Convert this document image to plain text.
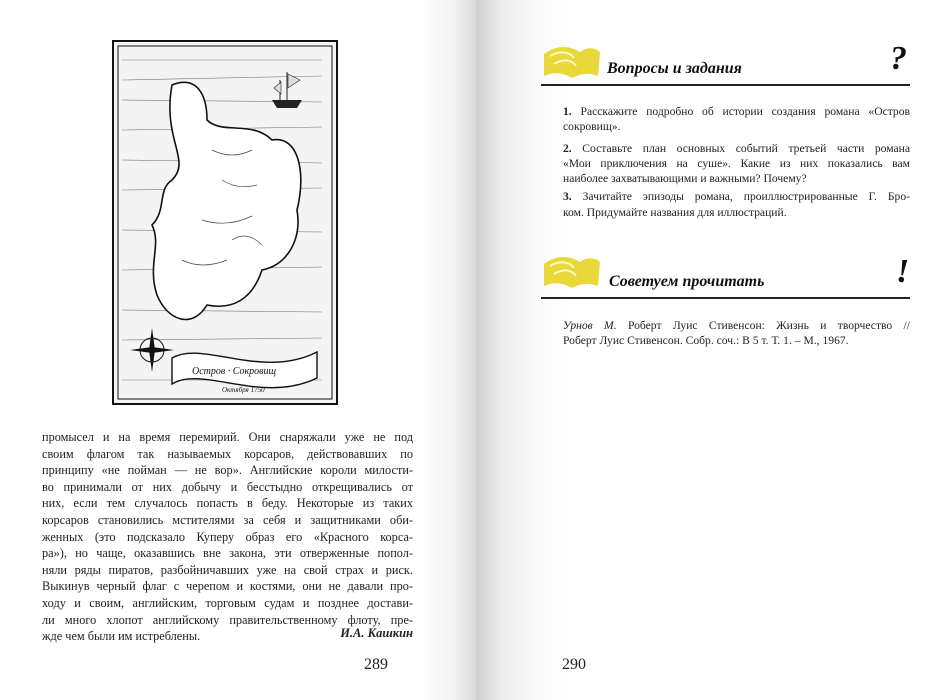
Остров · Сокровищ
Октября 1750
промысел и на время перемирий. Они снаряжали уже не под
своим флагом так называемых корсаров, действовавших по
принципу «не пойман — не вор». Английские короли милости-
во принимали от них добычу и бесстыдно открещивались от
них, если тем случалось попасть в беду. Некоторые из таких
корсаров становились мстителями за себя и защитниками оби-
женных (это подсказало Куперу образ его «Красного корса-
ра»), но чаще, оказавшись вне закона, эти отверженные попол-
няли ряды пиратов, разбойничавших уже на свой страх и риск.
Выкинув черный флаг с черепом и костями, они не давали про-
ходу и своим, английским, торговым судам и позднее достави-
ли много хлопот английскому правительственному флоту, пре-
жде чем были им истреблены.	И.А. Кашкин
289
Вопросы и задания	?

1. Расскажите подробно об истории создания романа «Остров
сокровищ».

2. Составьте план основных событий третьей части романа
«Мои приключения на суше». Какие из них показались вам
наиболее захватывающими и важными? Почему?
3. Зачитайте эпизоды романа, проиллюстрированные Г. Бро-
ком. Придумайте названия для иллюстраций.
Советуем прочитать	!
Урнов М. Роберт Луис Стивенсон: Жизнь и творчество //
Роберт Луис Стивенсон. Собр. соч.: В 5 т. Т. 1. – М., 1967.
290
